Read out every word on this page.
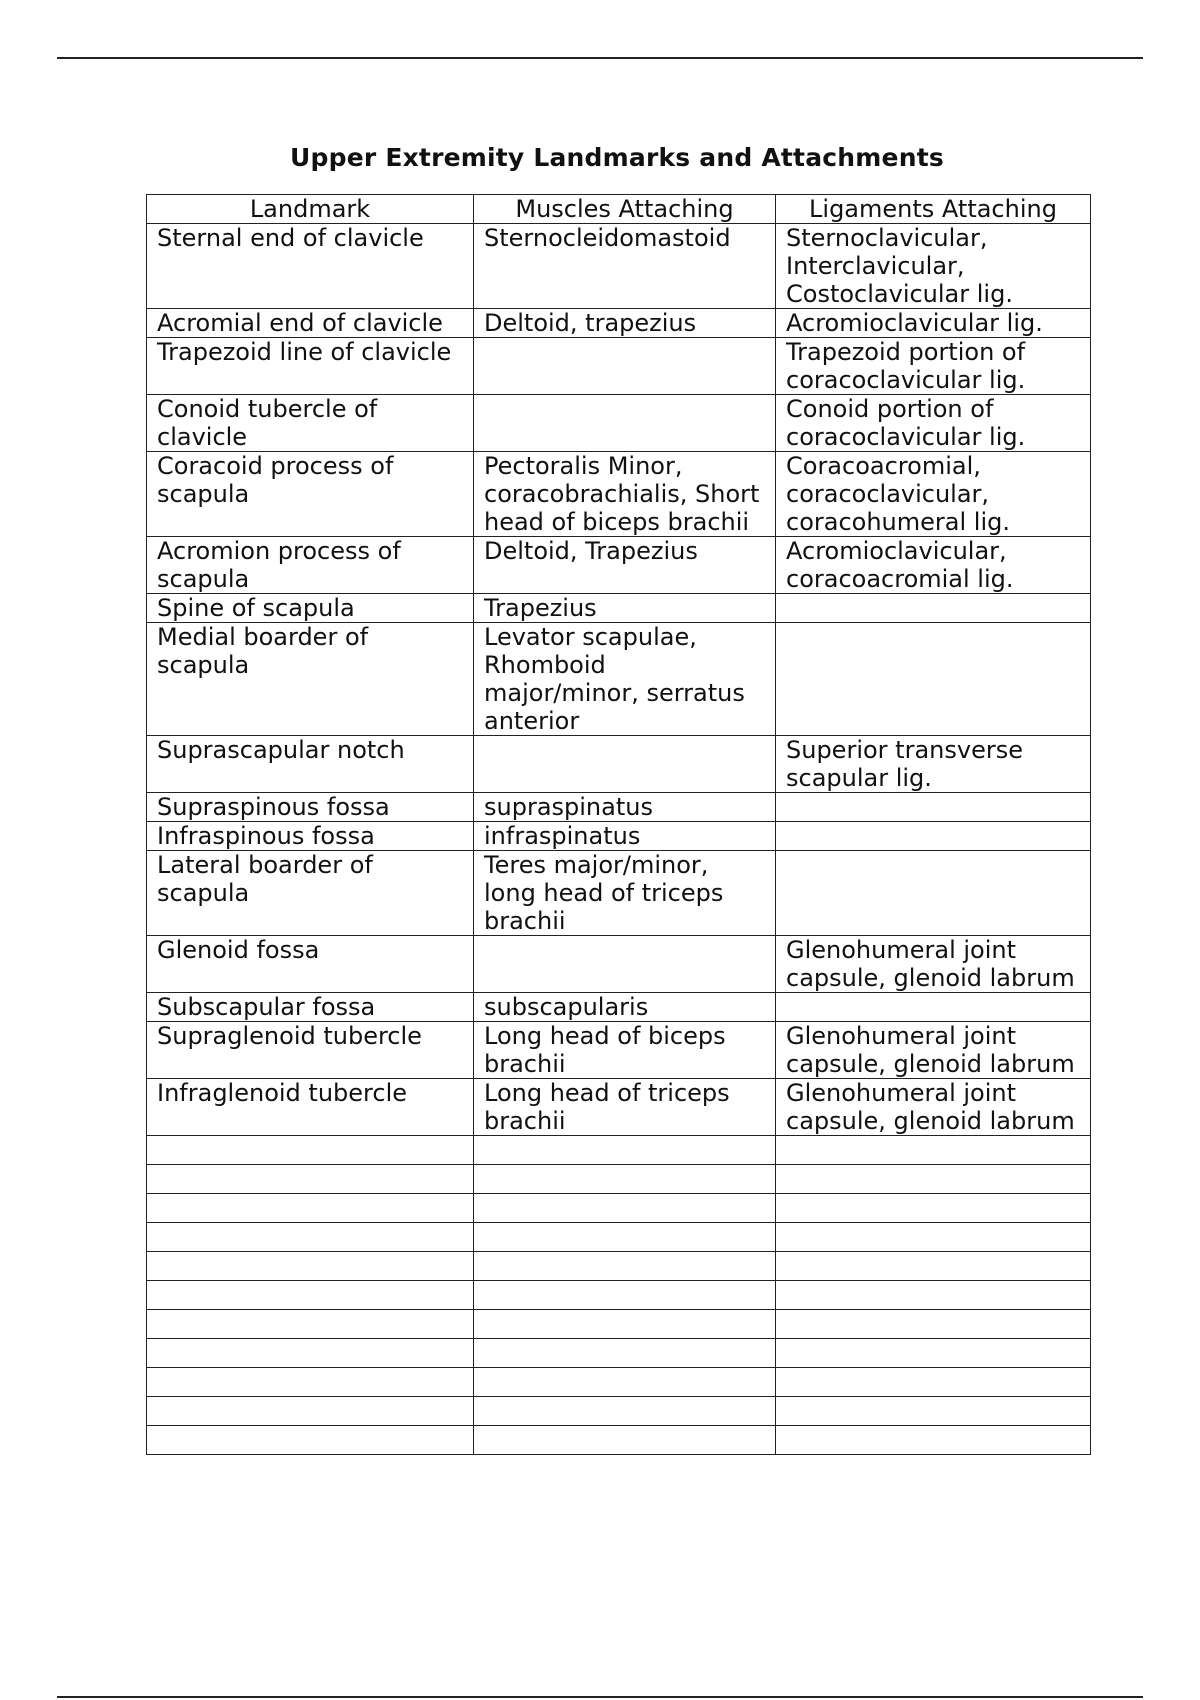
Upper Extremity Landmarks and Attachments
Landmark	Muscles Attaching	Ligaments Attaching
Sternal end of clavicle	Sternocleidomastoid	Sternoclavicular, Interclavicular, Costoclavicular lig.
Acromial end of clavicle	Deltoid, trapezius	Acromioclavicular lig.
Trapezoid line of clavicle		Trapezoid portion of coracoclavicular lig.
Conoid tubercle of clavicle		Conoid portion of coracoclavicular lig.
Coracoid process of scapula	Pectoralis Minor, coracobrachialis, Short head of biceps brachii	Coracoacromial, coracoclavicular, coracohumeral lig.
Acromion process of scapula	Deltoid, Trapezius	Acromioclavicular, coracoacromial lig.
Spine of scapula	Trapezius	
Medial boarder of scapula	Levator scapulae, Rhomboid major/minor, serratus anterior	
Suprascapular notch		Superior transverse scapular lig.
Supraspinous fossa	supraspinatus	
Infraspinous fossa	infraspinatus	
Lateral boarder of scapula	Teres major/minor, long head of triceps brachii	
Glenoid fossa		Glenohumeral joint capsule, glenoid labrum
Subscapular fossa	subscapularis	
Supraglenoid tubercle	Long head of biceps brachii	Glenohumeral joint capsule, glenoid labrum
Infraglenoid tubercle	Long head of triceps brachii	Glenohumeral joint capsule, glenoid labrum
